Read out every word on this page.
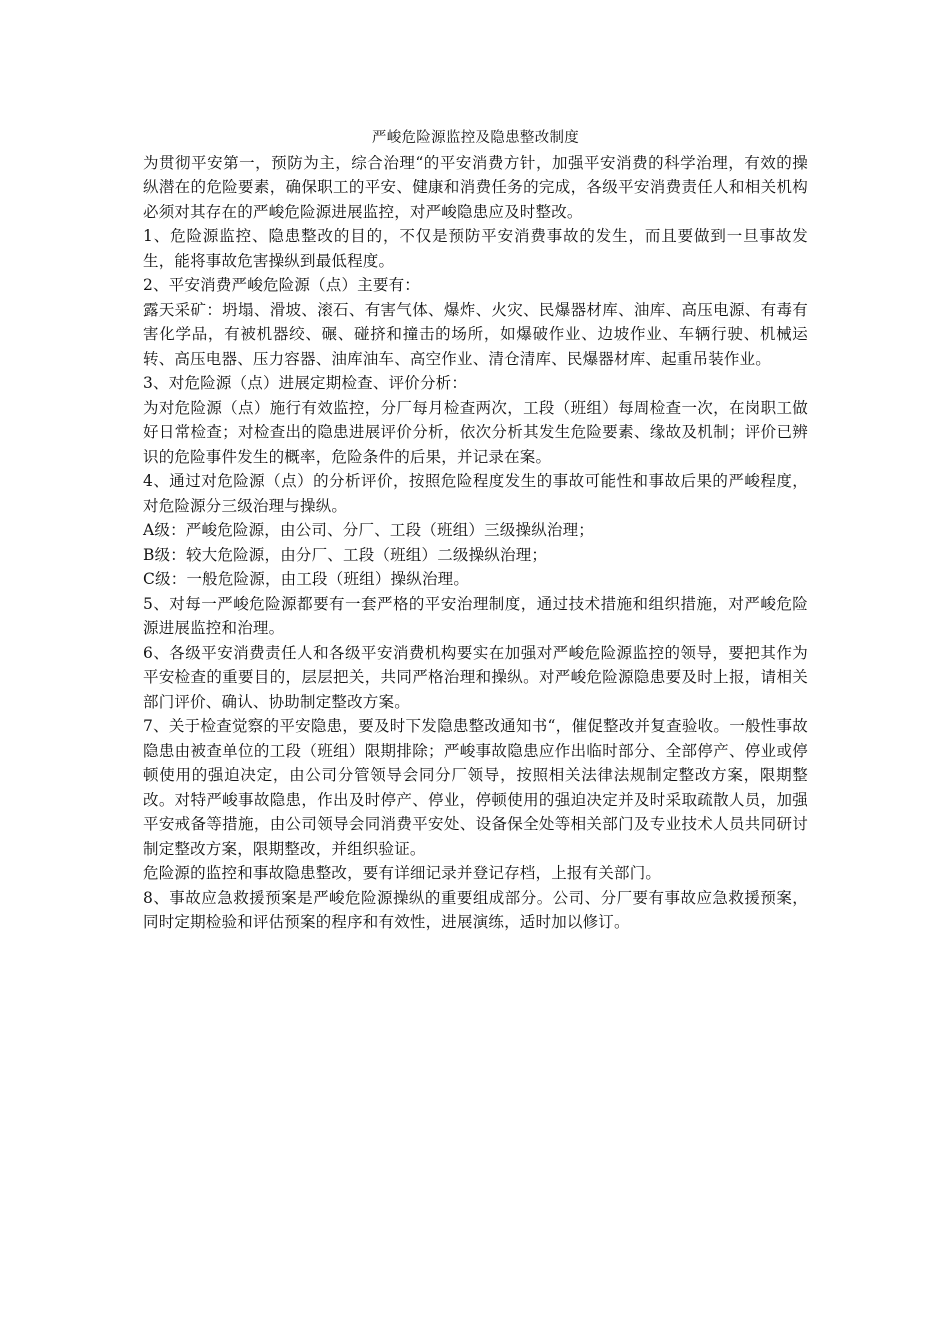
严峻危险源监控及隐患整改制度

为贯彻平安第一，预防为主，综合治理“的平安消费方针，加强平安消费的科学治理，有效的操纵潜在的危险要素，确保职工的平安、健康和消费任务的完成，各级平安消费责任人和相关机构必须对其存在的严峻危险源进展监控，对严峻隐患应及时整改。

1、危险源监控、隐患整改的目的，不仅是预防平安消费事故的发生，而且要做到一旦事故发生，能将事故危害操纵到最低程度。

2、平安消费严峻危险源（点）主要有：

露天采矿：坍塌、滑坡、滚石、有害气体、爆炸、火灾、民爆器材库、油库、高压电源、有毒有害化学品，有被机器绞、碾、碰挤和撞击的场所，如爆破作业、边坡作业、车辆行驶、机械运转、高压电器、压力容器、油库油车、高空作业、清仓清库、民爆器材库、起重吊装作业。

3、对危险源（点）进展定期检查、评价分析：

为对危险源（点）施行有效监控，分厂每月检查两次，工段（班组）每周检查一次，在岗职工做好日常检查；对检查出的隐患进展评价分析，依次分析其发生危险要素、缘故及机制；评价已辨识的危险事件发生的概率，危险条件的后果，并记录在案。

4、通过对危险源（点）的分析评价，按照危险程度发生的事故可能性和事故后果的严峻程度，对危险源分三级治理与操纵。

A级：严峻危险源，由公司、分厂、工段（班组）三级操纵治理；

B级：较大危险源，由分厂、工段（班组）二级操纵治理；

C级：一般危险源，由工段（班组）操纵治理。

5、对每一严峻危险源都要有一套严格的平安治理制度，通过技术措施和组织措施，对严峻危险源进展监控和治理。

6、各级平安消费责任人和各级平安消费机构要实在加强对严峻危险源监控的领导，要把其作为平安检查的重要目的，层层把关，共同严格治理和操纵。对严峻危险源隐患要及时上报，请相关部门评价、确认、协助制定整改方案。

7、关于检查觉察的平安隐患，要及时下发隐患整改通知书“，催促整改并复查验收。一般性事故隐患由被查单位的工段（班组）限期排除；严峻事故隐患应作出临时部分、全部停产、停业或停顿使用的强迫决定，由公司分管领导会同分厂领导，按照相关法律法规制定整改方案，限期整改。对特严峻事故隐患，作出及时停产、停业，停顿使用的强迫决定并及时采取疏散人员，加强平安戒备等措施，由公司领导会同消费平安处、设备保全处等相关部门及专业技术人员共同研讨制定整改方案，限期整改，并组织验证。

危险源的监控和事故隐患整改，要有详细记录并登记存档，上报有关部门。

8、事故应急救援预案是严峻危险源操纵的重要组成部分。公司、分厂要有事故应急救援预案，同时定期检验和评估预案的程序和有效性，进展演练，适时加以修订。
